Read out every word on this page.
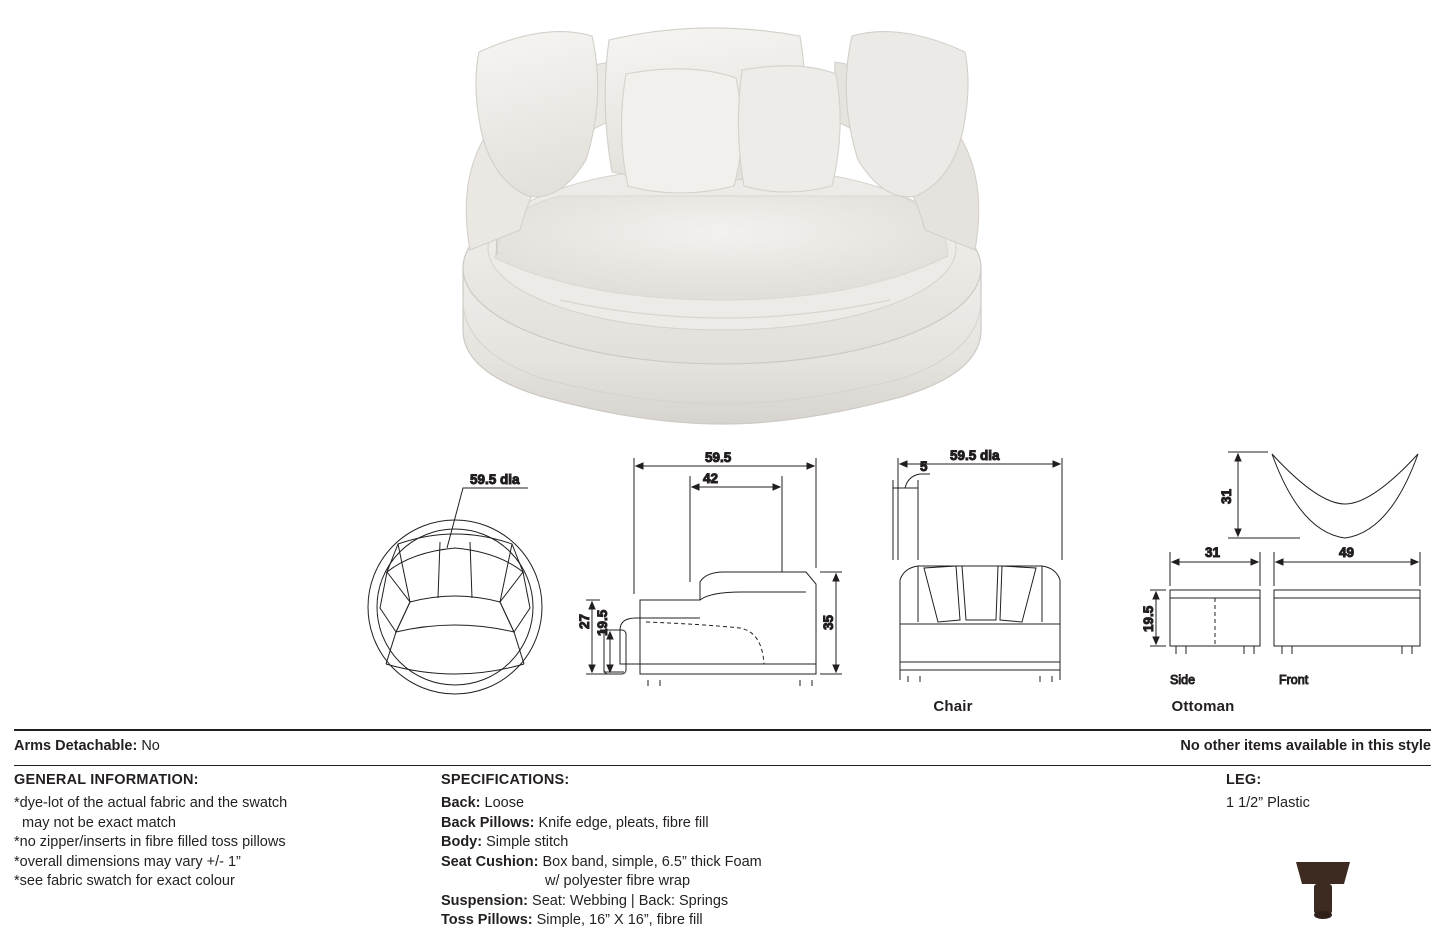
59.5 dia
59.5
42
35
27 19.5
59.5 dia
5
31
31	49
19.5
Side	Front
Chair	Ottoman
Arms Detachable: No	No other items available in this style
GENERAL INFORMATION:
*dye-lot of the actual fabric and the swatch
may not be exact match
*no zipper/inserts in fibre filled toss pillows
*overall dimensions may vary +/- 1”
*see fabric swatch for exact colour
SPECIFICATIONS:
Back: Loose
Back Pillows: Knife edge, pleats, fibre fill
Body: Simple stitch
Seat Cushion: Box band, simple, 6.5” thick Foam
w/ polyester fibre wrap
Suspension: Seat: Webbing | Back: Springs
Toss Pillows: Simple, 16” X 16”, fibre fill
LEG:
1 1/2” Plastic
